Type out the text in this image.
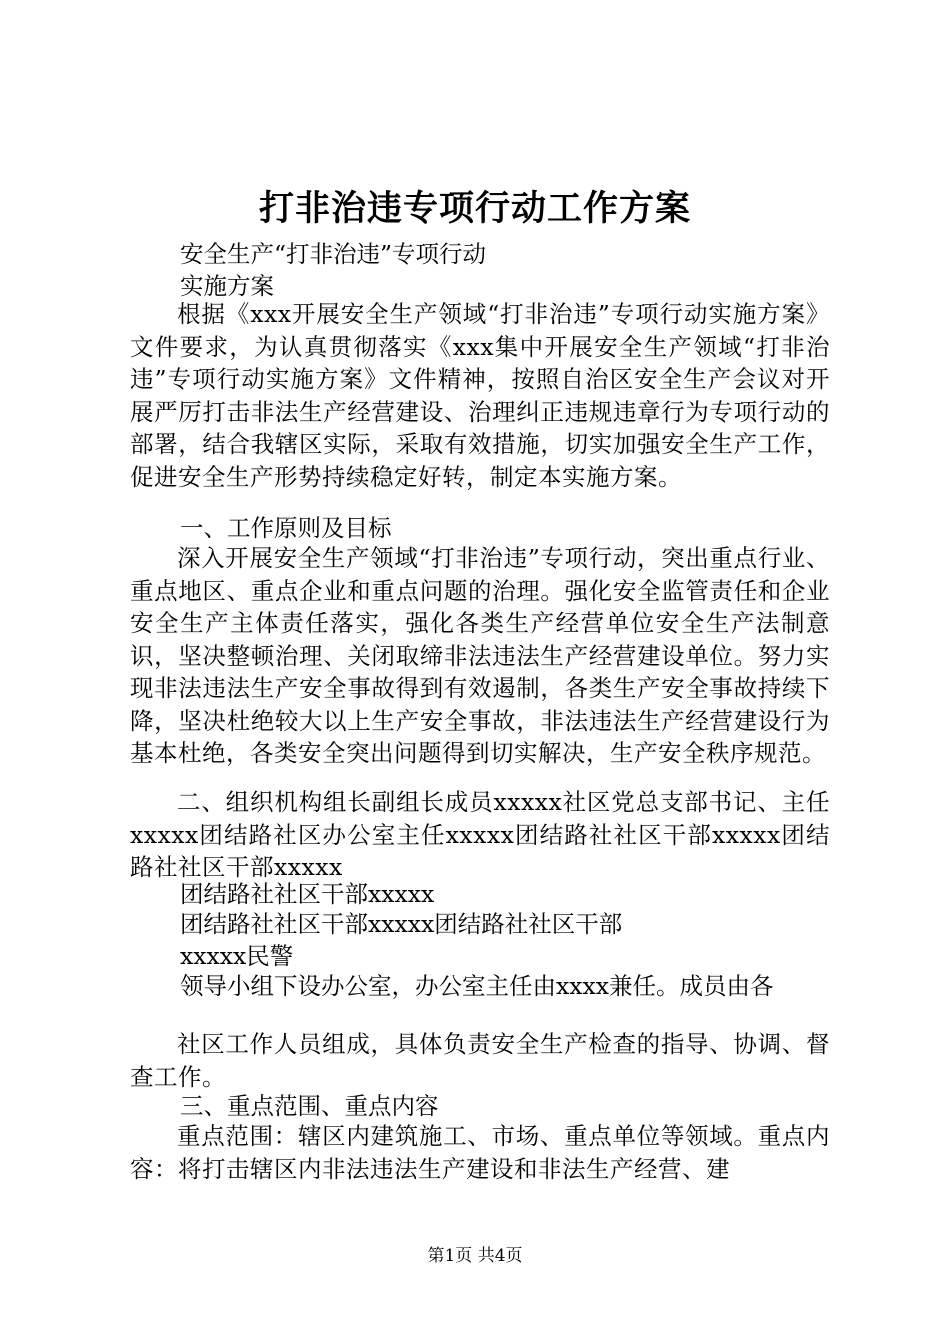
打非治违专项行动工作方案
安全生产“打非治违”专项行动
实施方案
根据《xxx开展安全生产领域“打非治违”专项行动实施方案》文件要求，为认真贯彻落实《xxx集中开展安全生产领域“打非治违”专项行动实施方案》文件精神，按照自治区安全生产会议对开展严厉打击非法生产经营建设、治理纠正违规违章行为专项行动的部署，结合我辖区实际，采取有效措施，切实加强安全生产工作，促进安全生产形势持续稳定好转，制定本实施方案。
一、工作原则及目标
深入开展安全生产领域“打非治违”专项行动，突出重点行业、重点地区、重点企业和重点问题的治理。强化安全监管责任和企业安全生产主体责任落实，强化各类生产经营单位安全生产法制意识，坚决整顿治理、关闭取缔非法违法生产经营建设单位。努力实现非法违法生产安全事故得到有效遏制，各类生产安全事故持续下降，坚决杜绝较大以上生产安全事故，非法违法生产经营建设行为基本杜绝，各类安全突出问题得到切实解决，生产安全秩序规范。
二、组织机构组长副组长成员xxxxx社区党总支部书记、主任xxxxx团结路社区办公室主任xxxxx团结路社社区干部xxxxx团结路社社区干部xxxxx
团结路社社区干部xxxxx
团结路社社区干部xxxxx团结路社社区干部
xxxxx民警
领导小组下设办公室，办公室主任由xxxx兼任。成员由各
社区工作人员组成，具体负责安全生产检查的指导、协调、督查工作。
三、重点范围、重点内容
重点范围：辖区内建筑施工、市场、重点单位等领域。重点内容：将打击辖区内非法违法生产建设和非法生产经营、建
第1页 共4页
